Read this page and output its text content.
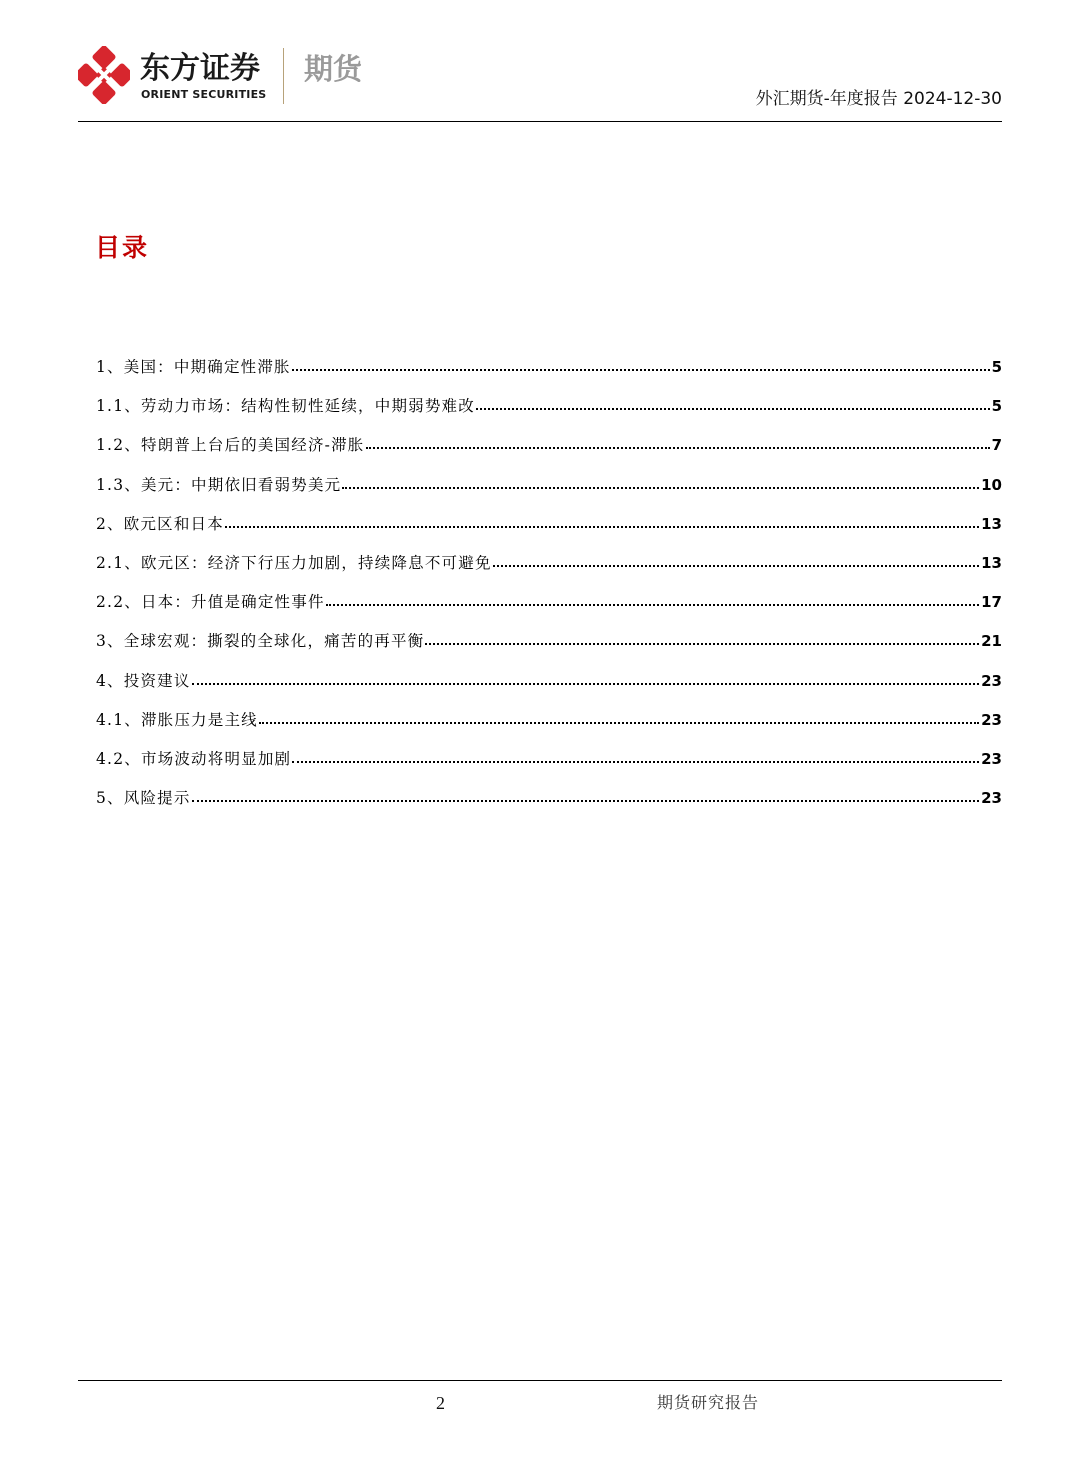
东方证券
ORIENT SECURITIES
期货
外汇期货-年度报告 2024-12-30
目录
1、美国：中期确定性滞胀	5
1.1、劳动力市场：结构性韧性延续，中期弱势难改	5
1.2、特朗普上台后的美国经济-滞胀	7
1.3、美元：中期依旧看弱势美元	10
2、欧元区和日本	13
2.1、欧元区：经济下行压力加剧，持续降息不可避免	13
2.2、日本：升值是确定性事件	17
3、全球宏观：撕裂的全球化，痛苦的再平衡	21
4、投资建议	23
4.1、滞胀压力是主线	23
4.2、市场波动将明显加剧	23
5、风险提示	23
2	期货研究报告
